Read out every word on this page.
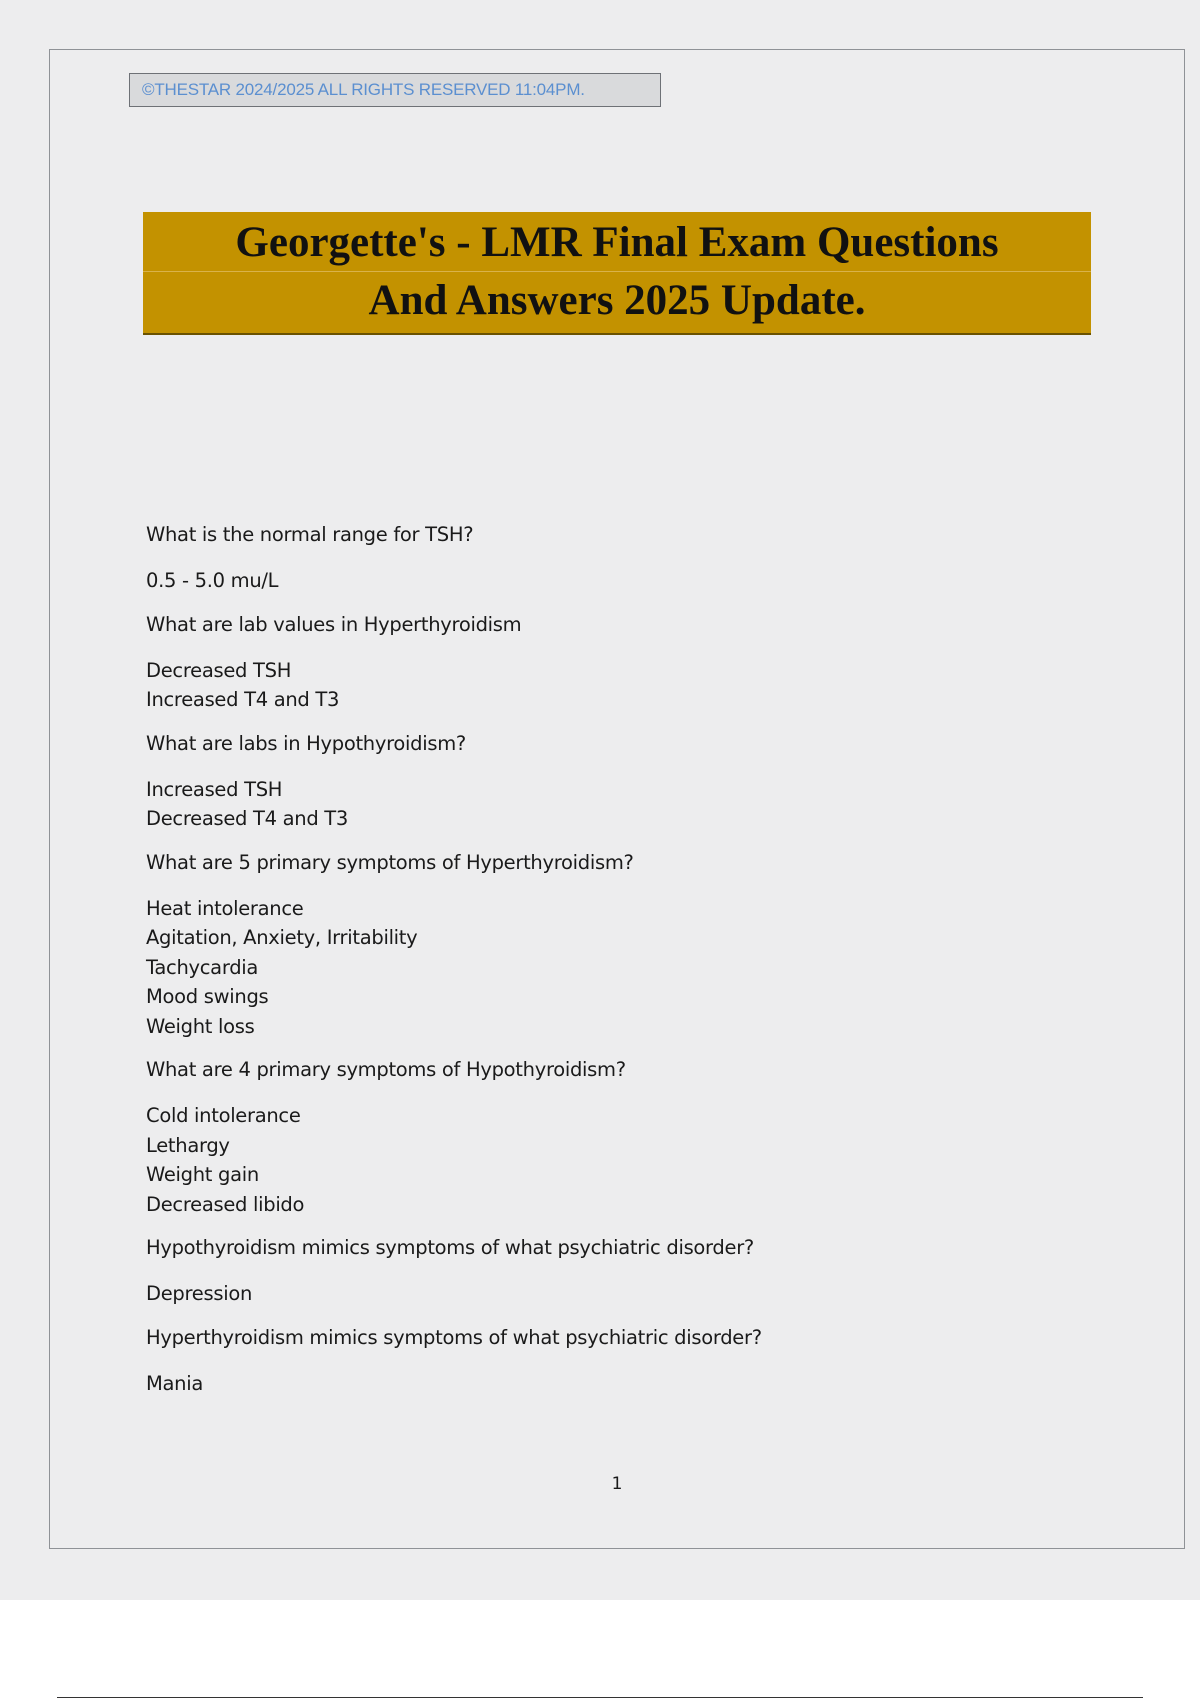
©THESTAR 2024/2025 ALL RIGHTS RESERVED 11:04PM.
Georgette's - LMR Final Exam Questions
And Answers 2025 Update.
What is the normal range for TSH?
0.5 - 5.0 mu/L
What are lab values in Hyperthyroidism
Decreased TSH
Increased T4 and T3
What are labs in Hypothyroidism?
Increased TSH
Decreased T4 and T3
What are 5 primary symptoms of Hyperthyroidism?
Heat intolerance
Agitation, Anxiety, Irritability
Tachycardia
Mood swings
Weight loss
What are 4 primary symptoms of Hypothyroidism?
Cold intolerance
Lethargy
Weight gain
Decreased libido
Hypothyroidism mimics symptoms of what psychiatric disorder?
Depression
Hyperthyroidism mimics symptoms of what psychiatric disorder?
Mania
1
